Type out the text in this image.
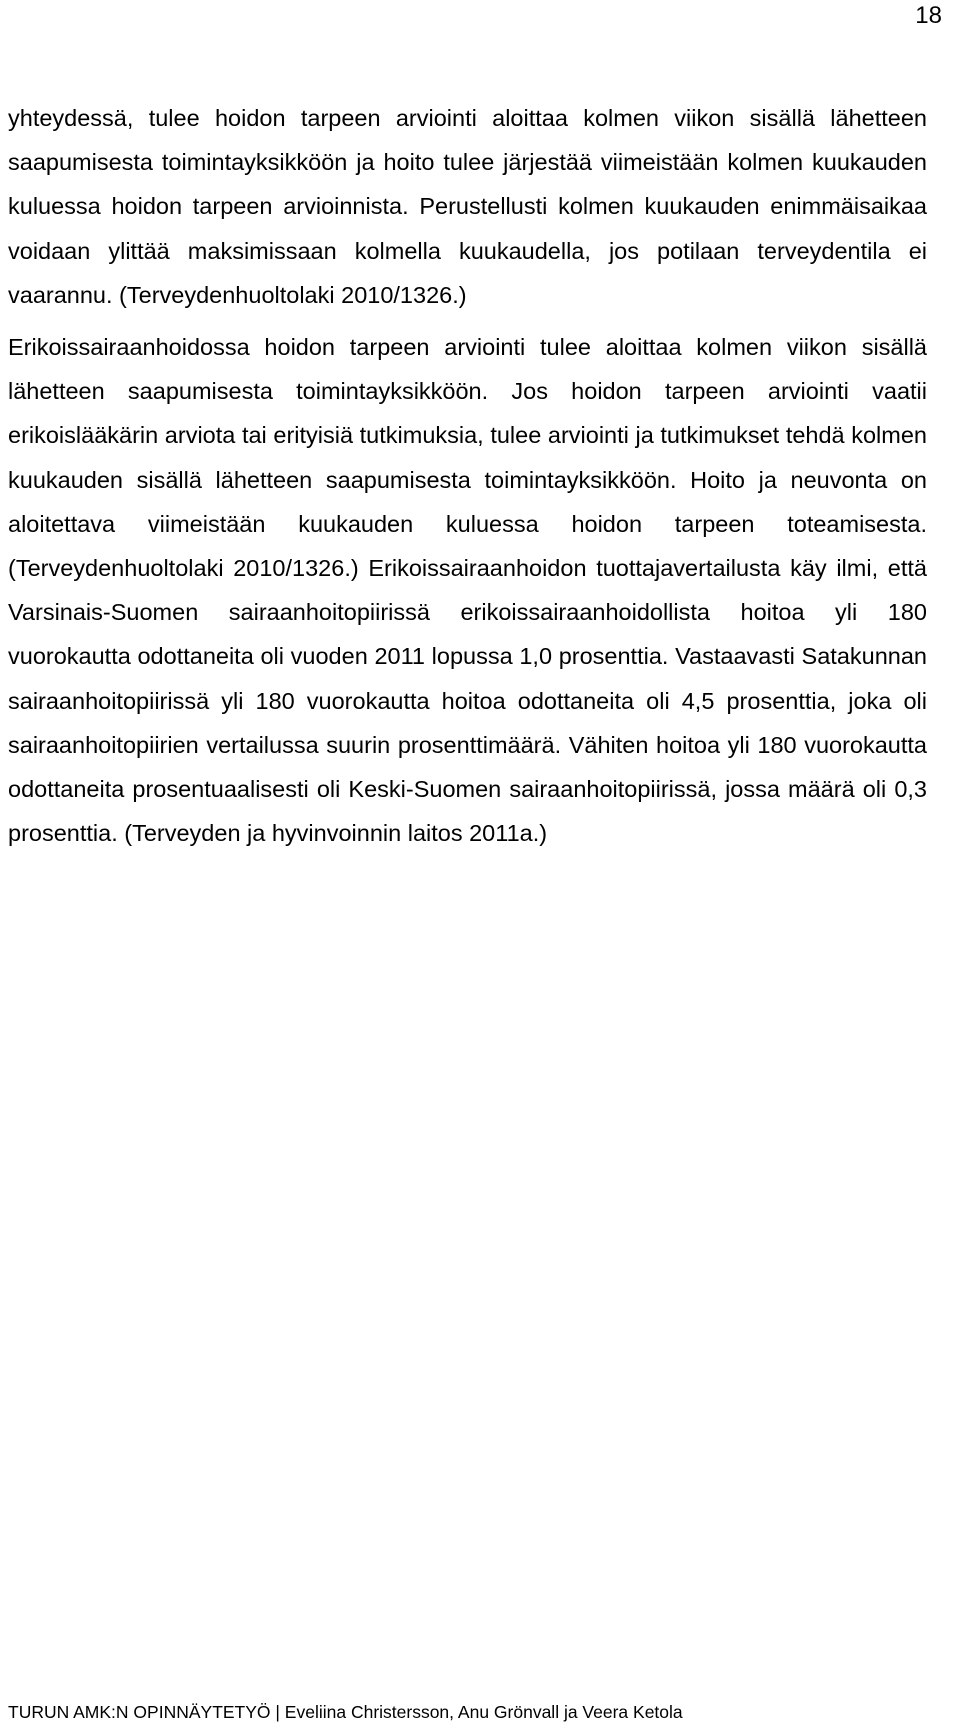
18

yhteydessä, tulee hoidon tarpeen arviointi aloittaa kolmen viikon sisällä lähetteen saapumisesta toimintayksikköön ja hoito tulee järjestää viimeistään kolmen kuukauden kuluessa hoidon tarpeen arvioinnista. Perustellusti kolmen kuukauden enimmäisaikaa voidaan ylittää maksimissaan kolmella kuukaudella, jos potilaan terveydentila ei vaarannu. (Terveydenhuoltolaki 2010/1326.)

Erikoissairaanhoidossa hoidon tarpeen arviointi tulee aloittaa kolmen viikon sisällä lähetteen saapumisesta toimintayksikköön. Jos hoidon tarpeen arviointi vaatii erikoislääkärin arviota tai erityisiä tutkimuksia, tulee arviointi ja tutkimukset tehdä kolmen kuukauden sisällä lähetteen saapumisesta toimintayksikköön. Hoito ja neuvonta on aloitettava viimeistään kuukauden kuluessa hoidon tarpeen toteamisesta. (Terveydenhuoltolaki 2010/1326.) Erikoissairaanhoidon tuottajavertailusta käy ilmi, että Varsinais-Suomen sairaanhoitopiirissä erikoissairaanhoidollista hoitoa yli 180 vuorokautta odottaneita oli vuoden 2011 lopussa 1,0 prosenttia. Vastaavasti Satakunnan sairaanhoitopiirissä yli 180 vuorokautta hoitoa odottaneita oli 4,5 prosenttia, joka oli sairaanhoitopiirien vertailussa suurin prosenttimäärä. Vähiten hoitoa yli 180 vuorokautta odottaneita prosentuaalisesti oli Keski-Suomen sairaanhoitopiirissä, jossa määrä oli 0,3 prosenttia. (Terveyden ja hyvinvoinnin laitos 2011a.)

TURUN AMK:N OPINNÄYTETYÖ | Eveliina Christersson, Anu Grönvall ja Veera Ketola
